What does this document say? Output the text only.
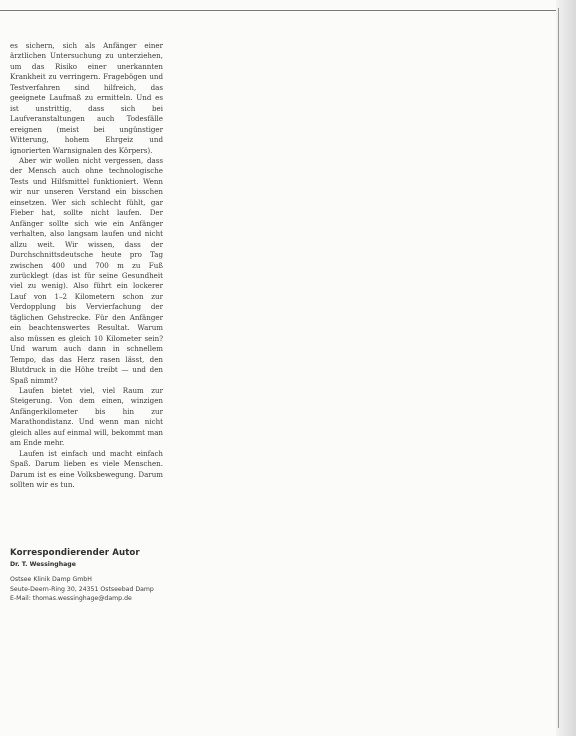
es sichern, sich als Anfänger einer ärztlichen Untersuchung zu unterziehen, um das Risiko einer unerkannten Krankheit zu verringern. Fragebögen und Testverfahren sind hilfreich, das geeignete Laufmaß zu ermitteln. Und es ist unstrittig, dass sich bei Laufveranstaltungen auch Todesfälle ereignen (meist bei ungünstiger Witterung, hohem Ehrgeiz und ignorierten Warnsignalen des Körpers).

Aber wir wollen nicht vergessen, dass der Mensch auch ohne technologische Tests und Hilfsmittel funktioniert. Wenn wir nur unseren Verstand ein bisschen einsetzen. Wer sich schlecht fühlt, gar Fieber hat, sollte nicht laufen. Der Anfänger sollte sich wie ein Anfänger verhalten, also langsam laufen und nicht allzu weit. Wir wissen, dass der Durchschnittsdeutsche heute pro Tag zwischen 400 und 700 m zu Fuß zurücklegt (das ist für seine Gesundheit viel zu wenig). Also führt ein lockerer Lauf von 1–2 Kilometern schon zur Verdopplung bis Vervierfachung der täglichen Gehstrecke. Für den Anfänger ein beachtenswertes Resultat. Warum also müssen es gleich 10 Kilometer sein? Und warum auch dann in schnellem Tempo, das das Herz rasen lässt, den Blutdruck in die Höhe treibt — und den Spaß nimmt?

Laufen bietet viel, viel Raum zur Steigerung. Von dem einen, winzigen Anfängerkilometer bis hin zur Marathondistanz. Und wenn man nicht gleich alles auf einmal will, bekommt man am Ende mehr.

Laufen ist einfach und macht einfach Spaß. Darum lieben es viele Menschen. Darum ist es eine Volksbewegung. Darum sollten wir es tun.

Korrespondierender Autor
Dr. T. Wessinghage
Ostsee Klinik Damp GmbH
Seute-Deern-Ring 30, 24351 Ostseebad Damp
E-Mail: thomas.wessinghage@damp.de
